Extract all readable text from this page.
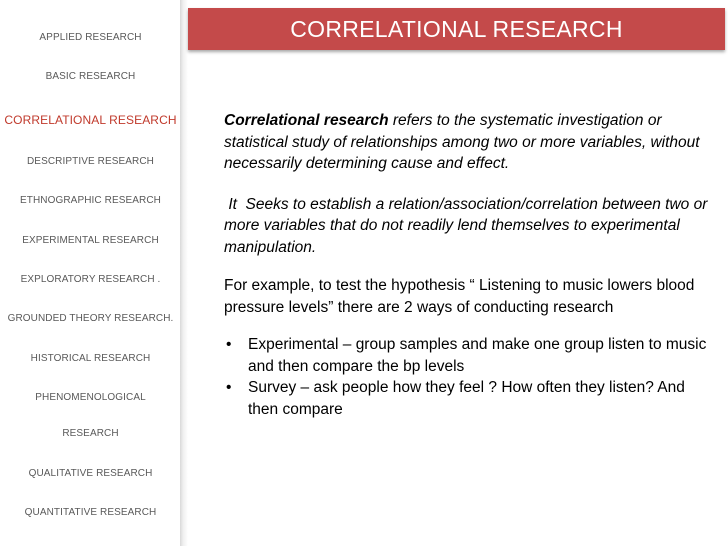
APPLIED RESEARCH
BASIC RESEARCH
CORRELATIONAL RESEARCH
DESCRIPTIVE RESEARCH
ETHNOGRAPHIC RESEARCH
EXPERIMENTAL RESEARCH
EXPLORATORY RESEARCH .
GROUNDED THEORY RESEARCH.
HISTORICAL RESEARCH
PHENOMENOLOGICAL
RESEARCH
QUALITATIVE RESEARCH
QUANTITATIVE RESEARCH
CORRELATIONAL RESEARCH

Correlational research refers to the systematic investigation or statistical study of relationships among two or more variables, without necessarily determining cause and effect.

It  Seeks to establish a relation/association/correlation between two or more variables that do not readily lend themselves to experimental manipulation.

For example, to test the hypothesis “ Listening to music lowers blood pressure levels” there are 2 ways of conducting research

• Experimental – group samples and make one group listen to music and then compare the bp levels
• Survey – ask people how they feel ? How often they listen? And then compare
